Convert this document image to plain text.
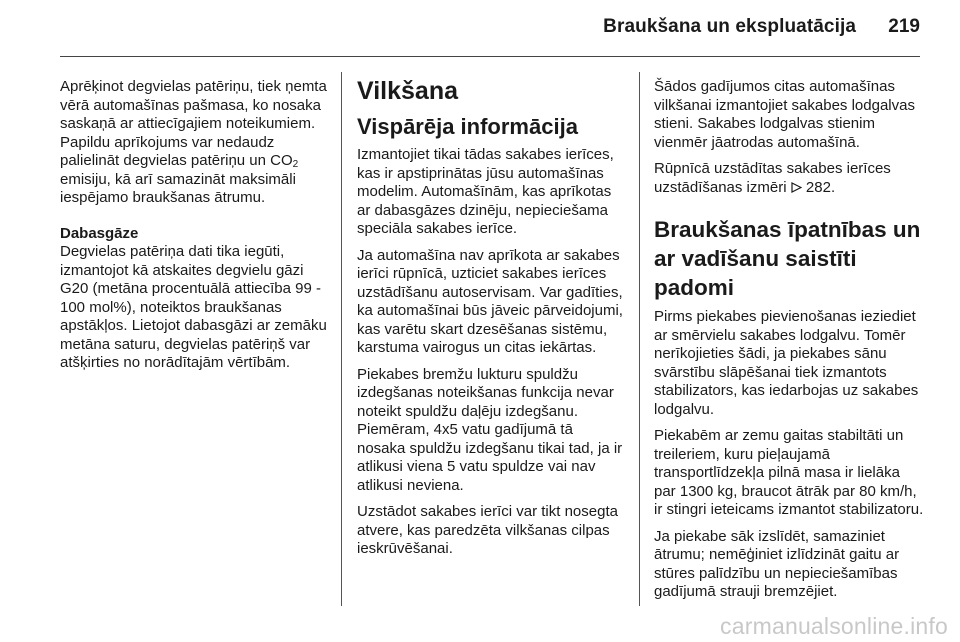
Braukšana un ekspluatācija 219

Aprēķinot degvielas patēriņu, tiek ņemta vērā automašīnas pašmasa, ko nosaka saskaņā ar attiecīgajiem noteikumiem. Papildu aprīkojums var nedaudz palielināt degvielas patēriņu un $CO_2$ emisiju, kā arī samazināt maksimāli iespējamo braukšanas ātrumu.

Dabasgāze

Degvielas patēriņa dati tika iegūti, izmantojot kā atskaites degvielu gāzi G20 (metāna procentuālā attiecība 99 - 100 mol%), noteiktos braukšanas apstākļos. Lietojot dabasgāzi ar zemāku metāna saturu, degvielas patēriņš var atšķirties no norādītajām vērtībām.

Vilkšana
Vispārēja informācija

Izmantojiet tikai tādas sakabes ierīces, kas ir apstiprinātas jūsu automašīnas modelim. Automašīnām, kas aprīkotas ar dabasgāzes dzinēju, nepieciešama speciāla sakabes ierīce.

Ja automašīna nav aprīkota ar sakabes ierīci rūpnīcā, uzticiet sakabes ierīces uzstādīšanu autoservisam. Var gadīties, ka automašīnai būs jāveic pārveidojumi, kas varētu skart dzesēšanas sistēmu, karstuma vairogus un citas iekārtas.

Piekabes bremžu lukturu spuldžu izdegšanas noteikšanas funkcija nevar noteikt spuldžu daļēju izdegšanu. Piemēram, 4x5 vatu gadījumā tā nosaka spuldžu izdegšanu tikai tad, ja ir atlikusi viena 5 vatu spuldze vai nav atlikusi neviena.

Uzstādot sakabes ierīci var tikt nosegta atvere, kas paredzēta vilkšanas cilpas ieskrūvēšanai.

Šādos gadījumos citas automašīnas vilkšanai izmantojiet sakabes lodgalvas stieni. Sakabes lodgalvas stienim vienmēr jāatrodas automašīnā.

Rūpnīcā uzstādītas sakabes ierīces uzstādīšanas izmēri  282.

Braukšanas īpatnības un ar vadīšanu saistīti padomi

Pirms piekabes pievienošanas ieziediet ar smērvielu sakabes lodgalvu. Tomēr nerīkojieties šādi, ja piekabes sānu svārstību slāpēšanai tiek izmantots stabilizators, kas iedarbojas uz sakabes lodgalvu.

Piekabēm ar zemu gaitas stabiltāti un treileriem, kuru pieļaujamā transportlīdzekļa pilnā masa ir lielāka par 1300 kg, braucot ātrāk par 80 km/h, ir stingri ieteicams izmantot stabilizatoru.

Ja piekabe sāk izslīdēt, samaziniet ātrumu; nemēģiniet izlīdzināt gaitu ar stūres palīdzību un nepieciešamības gadījumā strauji bremzējiet.

carmanualsonline.info
